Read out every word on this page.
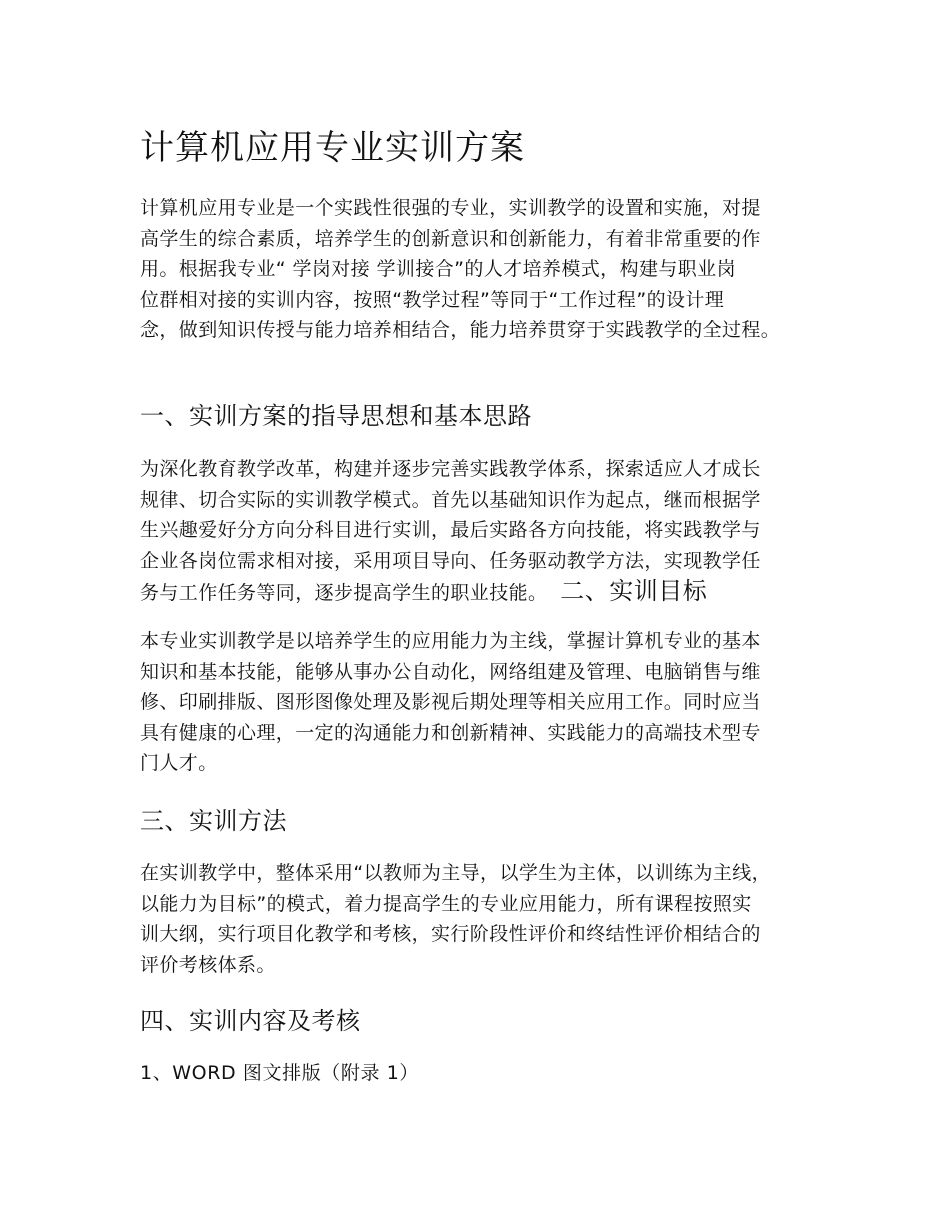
计算机应用专业实训方案

计算机应用专业是一个实践性很强的专业，实训教学的设置和实施，对提
高学生的综合素质，培养学生的创新意识和创新能力，有着非常重要的作
用。根据我专业“ 学岗对接 学训接合”的人才培养模式，构建与职业岗
位群相对接的实训内容，按照“教学过程”等同于“工作过程”的设计理
念，做到知识传授与能力培养相结合，能力培养贯穿于实践教学的全过程。

一、实训方案的指导思想和基本思路

为深化教育教学改革，构建并逐步完善实践教学体系，探索适应人才成长
规律、切合实际的实训教学模式。首先以基础知识作为起点，继而根据学
生兴趣爱好分方向分科目进行实训，最后实路各方向技能，将实践教学与
企业各岗位需求相对接，采用项目导向、任务驱动教学方法，实现教学任
务与工作任务等同，逐步提高学生的职业技能。 二、实训目标

本专业实训教学是以培养学生的应用能力为主线，掌握计算机专业的基本
知识和基本技能，能够从事办公自动化，网络组建及管理、电脑销售与维
修、印刷排版、图形图像处理及影视后期处理等相关应用工作。同时应当
具有健康的心理，一定的沟通能力和创新精神、实践能力的高端技术型专
门人才。

三、实训方法

在实训教学中，整体采用“以教师为主导，以学生为主体，以训练为主线，
以能力为目标”的模式，着力提高学生的专业应用能力，所有课程按照实
训大纲，实行项目化教学和考核，实行阶段性评价和终结性评价相结合的
评价考核体系。

四、实训内容及考核

1、WORD 图文排版（附录 1）
